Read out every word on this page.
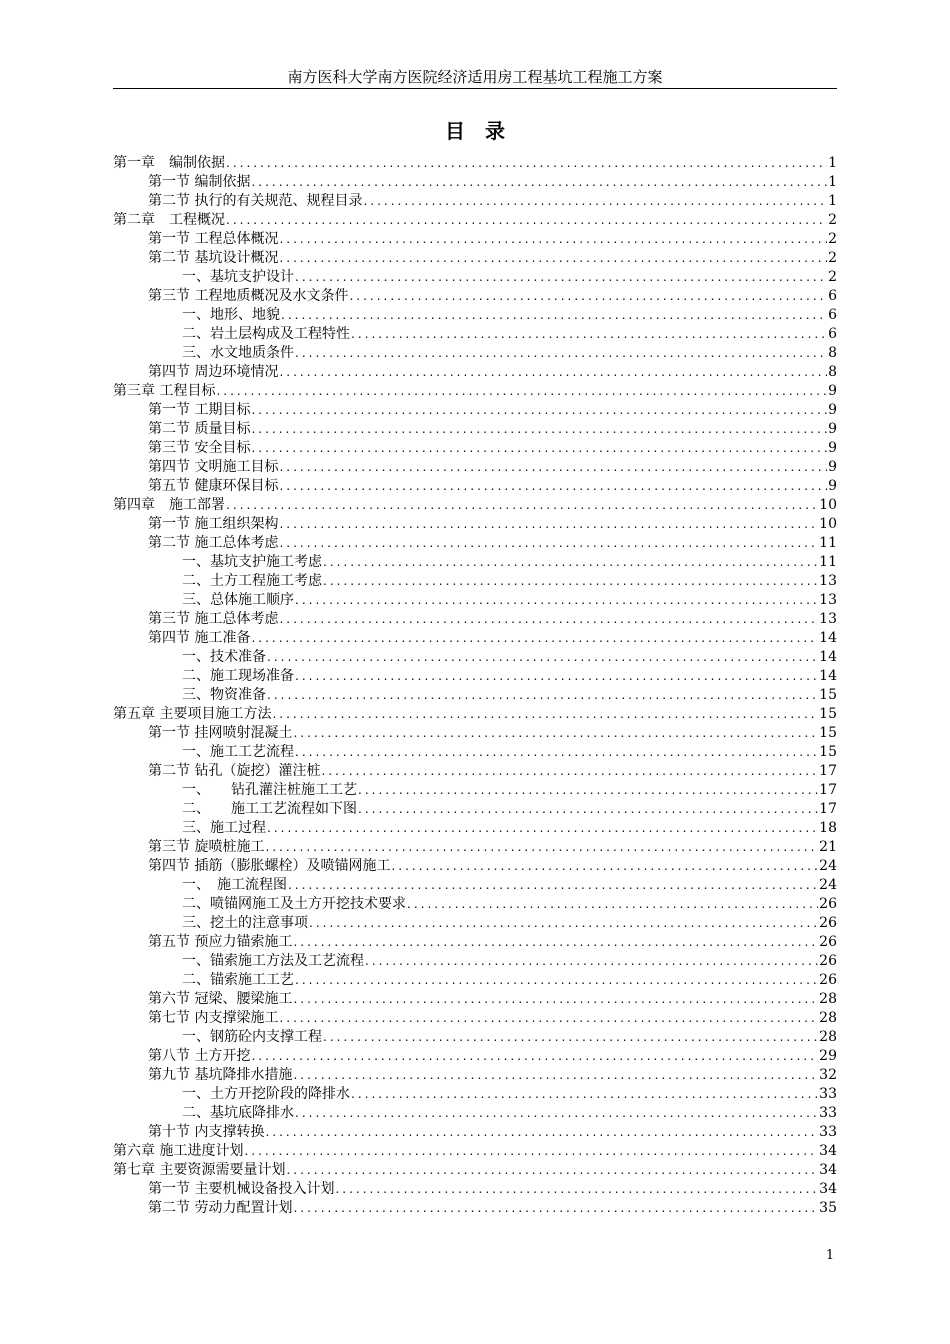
南方医科大学南方医院经济适用房工程基坑工程施工方案
目录
第一章　编制依据 .....	1
第一节 编制依据 .....	1
第二节 执行的有关规范、规程目录 .....	1
第二章　工程概况 .....	2
第一节 工程总体概况 .....	2
第二节 基坑设计概况 .....	2
一、基坑支护设计 .....	2
第三节 工程地质概况及水文条件 .....	6
一、地形、地貌 .....	6
二、岩土层构成及工程特性 .....	6
三、水文地质条件 .....	8
第四节 周边环境情况 .....	8
第三章 工程目标 .....	9
第一节 工期目标 .....	9
第二节 质量目标 .....	9
第三节 安全目标 .....	9
第四节 文明施工目标 .....	9
第五节 健康环保目标 .....	9
第四章　施工部署 .....	10
第一节 施工组织架构 .....	10
第二节 施工总体考虑 .....	11
一、基坑支护施工考虑 .....	11
二、土方工程施工考虑 .....	13
三、总体施工顺序 .....	13
第三节 施工总体考虑 .....	13
第四节 施工准备 .....	14
一、技术准备 .....	14
二、施工现场准备 .....	14
三、物资准备 .....	15
第五章 主要项目施工方法 .....	15
第一节 挂网喷射混凝土 .....	15
一、施工工艺流程 .....	15
第二节 钻孔（旋挖）灌注桩 .....	17
一、　　钻孔灌注桩施工工艺 .....	17
二、　　施工工艺流程如下图 .....	17
三、施工过程 .....	18
第三节 旋喷桩施工 .....	21
第四节 插筋（膨胀螺栓）及喷锚网施工 .....	24
一、　施工流程图 .....	24
二、喷锚网施工及土方开挖技术要求 .....	26
三、挖土的注意事项 .....	26
第五节 预应力锚索施工 .....	26
一、锚索施工方法及工艺流程 .....	26
二、锚索施工工艺 .....	26
第六节 冠梁、腰梁施工 .....	28
第七节 内支撑梁施工 .....	28
一、钢筋砼内支撑工程 .....	28
第八节 土方开挖 .....	29
第九节 基坑降排水措施 .....	32
一、土方开挖阶段的降排水 .....	33
二、基坑底降排水 .....	33
第十节 内支撑转换 .....	33
第六章 施工进度计划 .....	34
第七章 主要资源需要量计划 .....	34
第一节 主要机械设备投入计划 .....	34
第二节 劳动力配置计划 .....	35
1
